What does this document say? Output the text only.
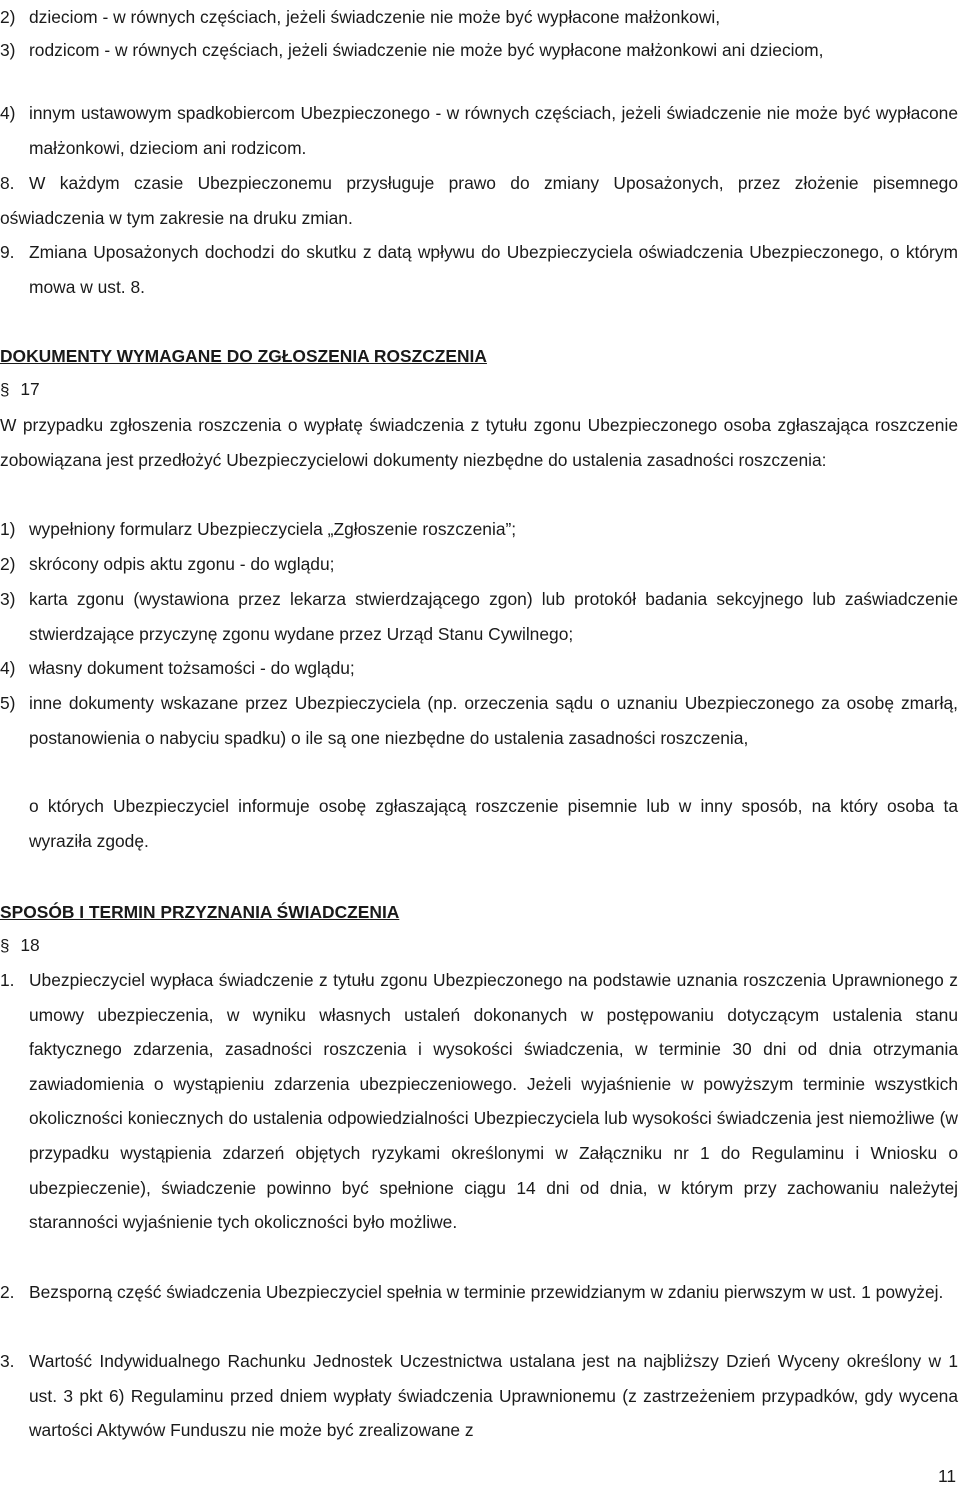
2) dzieciom - w równych częściach, jeżeli świadczenie nie może być wypłacone małżonkowi,
3) rodzicom - w równych częściach, jeżeli świadczenie nie może być wypłacone małżonkowi ani dzieciom,
4) innym ustawowym spadkobiercom Ubezpieczonego - w równych częściach, jeżeli świadczenie nie może być wypłacone małżonkowi, dzieciom ani rodzicom.
8. W każdym czasie Ubezpieczonemu przysługuje prawo do zmiany Uposażonych, przez złożenie pisemnego oświadczenia w tym zakresie na druku zmian.
9. Zmiana Uposażonych dochodzi do skutku z datą wpływu do Ubezpieczyciela oświadczenia Ubezpieczonego, o którym mowa w ust. 8.

DOKUMENTY WYMAGANE DO ZGŁOSZENIA ROSZCZENIA

§ 17

W przypadku zgłoszenia roszczenia o wypłatę świadczenia z tytułu zgonu Ubezpieczonego osoba zgłaszająca roszczenie zobowiązana jest przedłożyć Ubezpieczycielowi dokumenty niezbędne do ustalenia zasadności roszczenia:

1) wypełniony formularz Ubezpieczyciela „Zgłoszenie roszczenia”;
2) skrócony odpis aktu zgonu - do wglądu;
3) karta zgonu (wystawiona przez lekarza stwierdzającego zgon) lub protokół badania sekcyjnego lub zaświadczenie stwierdzające przyczynę zgonu wydane przez Urząd Stanu Cywilnego;
4) własny dokument tożsamości - do wglądu;
5) inne dokumenty wskazane przez Ubezpieczyciela (np. orzeczenia sądu o uznaniu Ubezpieczonego za osobę zmarłą, postanowienia o nabyciu spadku) o ile są one niezbędne do ustalenia zasadności roszczenia,

o których Ubezpieczyciel informuje osobę zgłaszającą roszczenie pisemnie lub w inny sposób, na który osoba ta wyraziła zgodę.

SPOSÓB I TERMIN PRZYZNANIA ŚWIADCZENIA

§ 18
1. Ubezpieczyciel wypłaca świadczenie z tytułu zgonu Ubezpieczonego na podstawie uznania roszczenia Uprawnionego z umowy ubezpieczenia, w wyniku własnych ustaleń dokonanych w postępowaniu dotyczącym ustalenia stanu faktycznego zdarzenia, zasadności roszczenia i wysokości świadczenia, w terminie 30 dni od dnia otrzymania zawiadomienia o wystąpieniu zdarzenia ubezpieczeniowego. Jeżeli wyjaśnienie w powyższym terminie wszystkich okoliczności koniecznych do ustalenia odpowiedzialności Ubezpieczyciela lub wysokości świadczenia jest niemożliwe (w przypadku wystąpienia zdarzeń objętych ryzykami określonymi w Załączniku nr 1 do Regulaminu i Wniosku o ubezpieczenie), świadczenie powinno być spełnione ciągu 14 dni od dnia, w którym przy zachowaniu należytej staranności wyjaśnienie tych okoliczności było możliwe.
2. Bezsporną część świadczenia Ubezpieczyciel spełnia w terminie przewidzianym w zdaniu pierwszym w ust. 1 powyżej.
3. Wartość Indywidualnego Rachunku Jednostek Uczestnictwa ustalana jest na najbliższy Dzień Wyceny określony w 1 ust. 3 pkt 6) Regulaminu przed dniem wypłaty świadczenia Uprawnionemu (z zastrzeżeniem przypadków, gdy wycena wartości Aktywów Funduszu nie może być zrealizowane z
11
